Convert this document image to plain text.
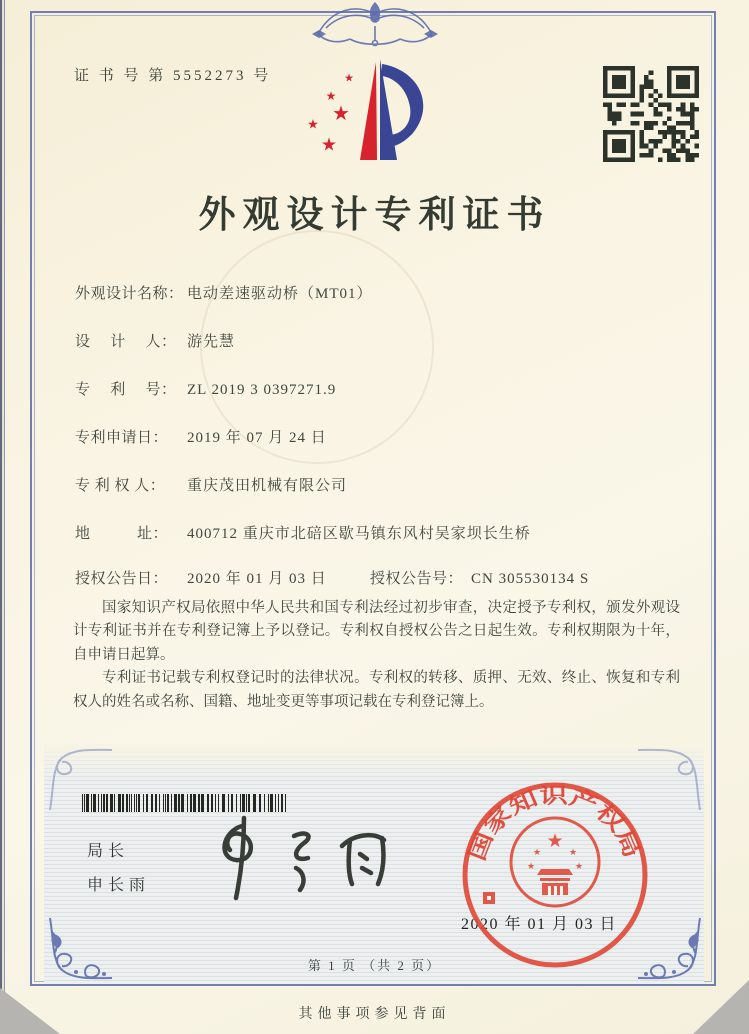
证 书 号 第 5552273 号	★
★
★
★
★
外观设计专利证书
外观设计名称： 电动差速驱动桥（MT01）
设　 计　 人： 游先慧
专　 利　 号： ZL 2019 3 0397271.9
专利申请日： 2019 年 07 月 24 日
专 利 权 人： 重庆茂田机械有限公司
地　　　址： 400712 重庆市北碚区歇马镇东风村吴家坝长生桥
授权公告日： 2020 年 01 月 03 日	授权公告号： CN 305530134 S

国家知识产权局依照中华人民共和国专利法经过初步审查，决定授予专利权，颁发外观设计专利证书并在专利登记簿上予以登记。专利权自授权公告之日起生效。专利权期限为十年，自申请日起算。

专利证书记载专利权登记时的法律状况。专利权的转移、质押、无效、终止、恢复和专利权人的姓名或名称、国籍、地址变更等事项记载在专利登记簿上。

局长
申长雨
国家知识产权局
★
★	★
★	★
2020 年 01 月 03 日
第 1 页 （共 2 页）
其他事项参见背面
